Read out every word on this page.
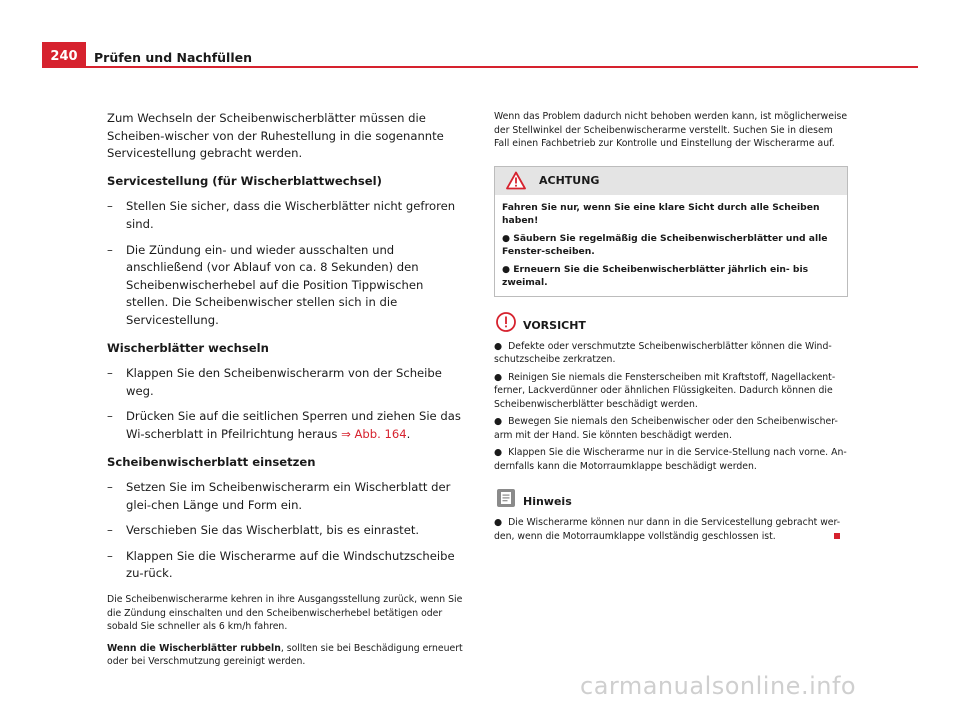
240	Prüfen und Nachfüllen

Zum Wechseln der Scheibenwischerblätter müssen die Scheiben-wischer von der Ruhestellung in die sogenannte Servicestellung gebracht werden.

Servicestellung (für Wischerblattwechsel)

– Stellen Sie sicher, dass die Wischerblätter nicht gefroren sind.
– Die Zündung ein- und wieder ausschalten und anschließend (vor Ablauf von ca. 8 Sekunden) den Scheibenwischerhebel auf die Position Tippwischen stellen. Die Scheibenwischer stellen sich in die Servicestellung.

Wischerblätter wechseln

– Klappen Sie den Scheibenwischerarm von der Scheibe weg.
– Drücken Sie auf die seitlichen Sperren und ziehen Sie das Wi-scherblatt in Pfeilrichtung heraus ⇒ Abb. 164.

Scheibenwischerblatt einsetzen

– Setzen Sie im Scheibenwischerarm ein Wischerblatt der glei-chen Länge und Form ein.
– Verschieben Sie das Wischerblatt, bis es einrastet.
– Klappen Sie die Wischerarme auf die Windschutzscheibe zu-rück.

Die Scheibenwischerarme kehren in ihre Ausgangsstellung zurück, wenn Sie die Zündung einschalten und den Scheibenwischerhebel betätigen oder sobald Sie schneller als 6 km/h fahren.

Wenn die Wischerblätter rubbeln, sollten sie bei Beschädigung erneuert oder bei Verschmutzung gereinigt werden.

Wenn das Problem dadurch nicht behoben werden kann, ist möglicherweise der Stellwinkel der Scheibenwischerarme verstellt. Suchen Sie in diesem Fall einen Fachbetrieb zur Kontrolle und Einstellung der Wischerarme auf.

ACHTUNG

Fahren Sie nur, wenn Sie eine klare Sicht durch alle Scheiben haben!

● Säubern Sie regelmäßig die Scheibenwischerblätter und alle Fenster-scheiben.

● Erneuern Sie die Scheibenwischerblätter jährlich ein- bis zweimal.

VORSICHT

● Defekte oder verschmutzte Scheibenwischerblätter können die Wind-schutzscheibe zerkratzen.

● Reinigen Sie niemals die Fensterscheiben mit Kraftstoff, Nagellackent-ferner, Lackverdünner oder ähnlichen Flüssigkeiten. Dadurch können die Scheibenwischerblätter beschädigt werden.

● Bewegen Sie niemals den Scheibenwischer oder den Scheibenwischer-arm mit der Hand. Sie könnten beschädigt werden.

● Klappen Sie die Wischerarme nur in die Service-Stellung nach vorne. An-dernfalls kann die Motorraumklappe beschädigt werden.

Hinweis

● Die Wischerarme können nur dann in die Servicestellung gebracht wer-den, wenn die Motorraumklappe vollständig geschlossen ist.

carmanualsonline.info
